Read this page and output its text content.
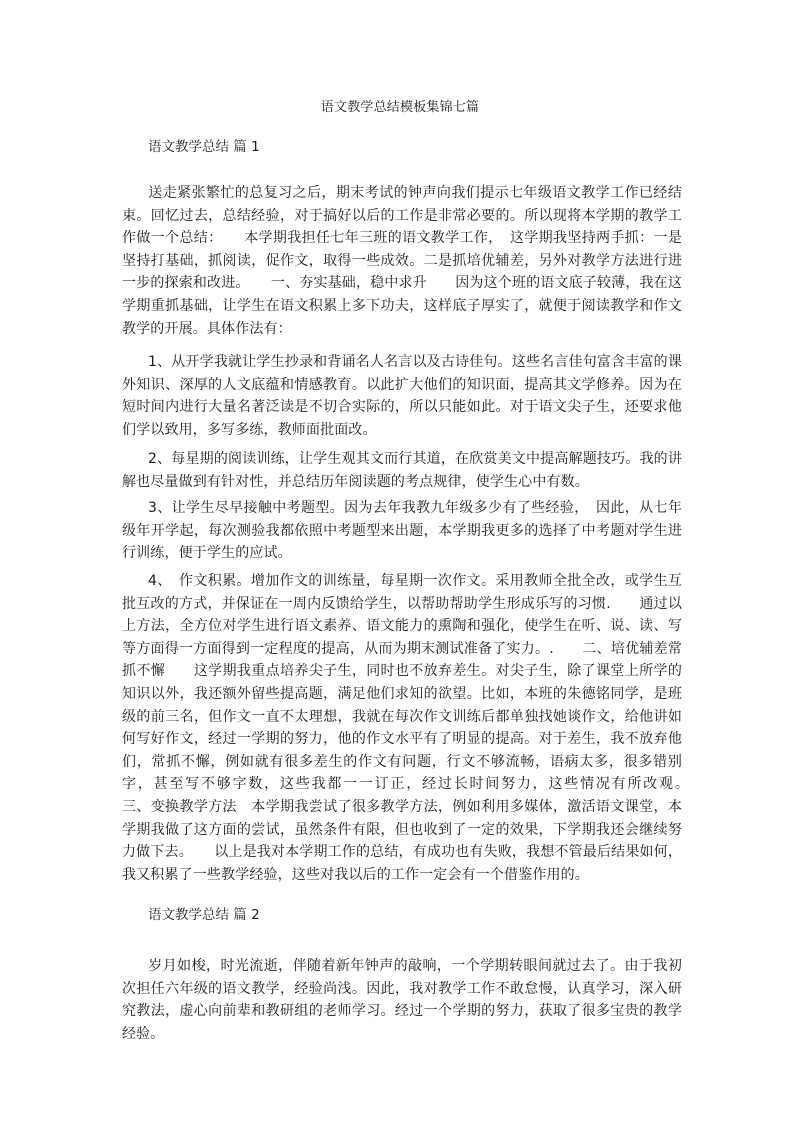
语文教学总结模板集锦七篇
语文教学总结 篇 1

送走紧张繁忙的总复习之后，期末考试的钟声向我们提示七年级语文教学工作已经结束。回忆过去，总结经验，对于搞好以后的工作是非常必要的。所以现将本学期的教学工作做一个总结：　　本学期我担任七年三班的语文教学工作，　这学期我坚持两手抓：一是坚持打基础，抓阅读，促作文，取得一些成效。二是抓培优辅差，另外对教学方法进行进一步的探索和改进。　　一、夯实基础，稳中求升　　因为这个班的语文底子较薄，我在这学期重抓基础，让学生在语文积累上多下功夫，这样底子厚实了，就便于阅读教学和作文教学的开展。具体作法有：

1、从开学我就让学生抄录和背诵名人名言以及古诗佳句。这些名言佳句富含丰富的课外知识、深厚的人文底蕴和情感教育。以此扩大他们的知识面，提高其文学修养。因为在短时间内进行大量名著泛读是不切合实际的，所以只能如此。对于语文尖子生，还要求他们学以致用，多写多练，教师面批面改。

2、每星期的阅读训练，让学生观其文而行其道，在欣赏美文中提高解题技巧。我的讲解也尽量做到有针对性，并总结历年阅读题的考点规律，使学生心中有数。

3、让学生尽早接触中考题型。因为去年我教九年级多少有了些经验，　因此，从七年级年开学起，每次测验我都依照中考题型来出题，本学期我更多的选择了中考题对学生进行训练，便于学生的应试。

4、　作文积累。增加作文的训练量，每星期一次作文。采用教师全批全改，或学生互批互改的方式，并保证在一周内反馈给学生，以帮助帮助学生形成乐写的习惯.　　通过以上方法，全方位对学生进行语文素养、语文能力的熏陶和强化，使学生在听、说、读、写等方面得一方面得到一定程度的提高，从而为期末测试准备了实力。.　　二、培优辅差常抓不懈　　这学期我重点培养尖子生，同时也不放弃差生。对尖子生，除了课堂上所学的知识以外，我还额外留些提高题，满足他们求知的欲望。比如，本班的朱德铭同学，是班级的前三名，但作文一直不太理想，我就在每次作文训练后都单独找她谈作文，给他讲如何写好作文，经过一学期的努力，他的作文水平有了明显的提高。对于差生，我不放弃他们，常抓不懈，例如就有很多差生的作文有问题，行文不够流畅，语病太多，很多错别字，甚至写不够字数，这些我都一一订正，经过长时间努力，这些情况有所改观。　　　　　三、变换教学方法　本学期我尝试了很多教学方法，例如利用多媒体，激活语文课堂，本学期我做了这方面的尝试，虽然条件有限，但也收到了一定的效果，下学期我还会继续努力做下去。　　以上是我对本学期工作的总结，有成功也有失败，我想不管最后结果如何，我又积累了一些教学经验，这些对我以后的工作一定会有一个借鉴作用的。

语文教学总结 篇 2

岁月如梭，时光流逝，伴随着新年钟声的敲响，一个学期转眼间就过去了。由于我初次担任六年级的语文教学，经验尚浅。因此，我对教学工作不敢怠慢，认真学习，深入研究教法，虚心向前辈和教研组的老师学习。经过一个学期的努力，获取了很多宝贵的教学经验。
